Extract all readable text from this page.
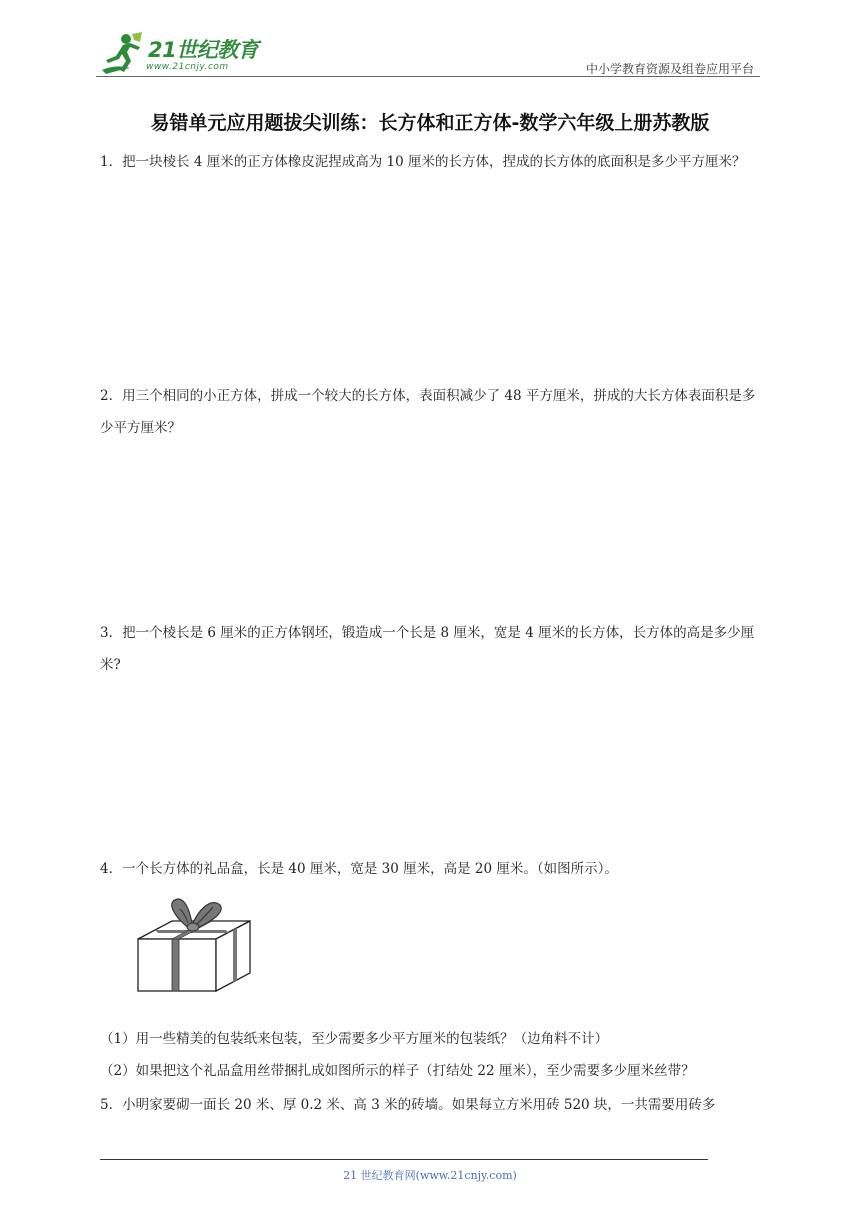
21世纪教育
www.21cnjy.com	中小学教育资源及组卷应用平台
易错单元应用题拔尖训练：长方体和正方体-数学六年级上册苏教版
1．把一块棱长 4 厘米的正方体橡皮泥捏成高为 10 厘米的长方体，捏成的长方体的底面积是多少平方厘米？
2．用三个相同的小正方体，拼成一个较大的长方体，表面积减少了 48 平方厘米，拼成的大长方体表面积是多少平方厘米？
3．把一个棱长是 6 厘米的正方体钢坯，锻造成一个长是 8 厘米，宽是 4 厘米的长方体，长方体的高是多少厘米?
4．一个长方体的礼品盒，长是 40 厘米，宽是 30 厘米，高是 20 厘米。（如图所示）。
（1）用一些精美的包装纸来包装，至少需要多少平方厘米的包装纸？（边角料不计）
（2）如果把这个礼品盒用丝带捆扎成如图所示的样子（打结处 22 厘米），至少需要多少厘米丝带？
5．小明家要砌一面长 20 米、厚 0.2 米、高 3 米的砖墙。如果每立方米用砖 520 块，一共需要用砖多
21 世纪教育网(www.21cnjy.com)
